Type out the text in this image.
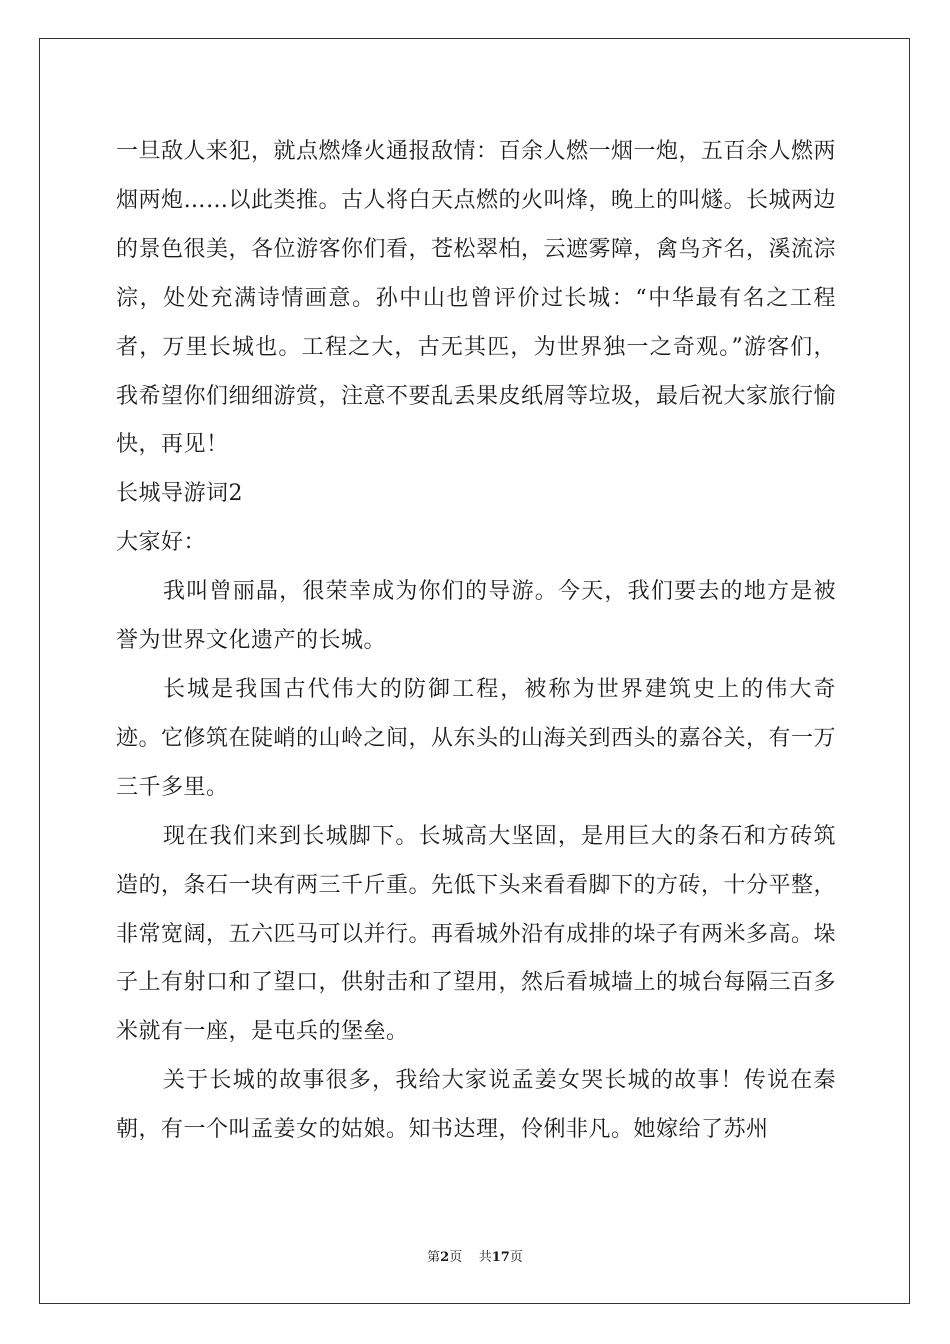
一旦敌人来犯，就点燃烽火通报敌情：百余人燃一烟一炮，五百余人燃两烟两炮……以此类推。古人将白天点燃的火叫烽，晚上的叫燧。长城两边的景色很美，各位游客你们看，苍松翠柏，云遮雾障，禽鸟齐名，溪流淙淙，处处充满诗情画意。孙中山也曾评价过长城：“中华最有名之工程者，万里长城也。工程之大，古无其匹，为世界独一之奇观。”游客们，我希望你们细细游赏，注意不要乱丢果皮纸屑等垃圾，最后祝大家旅行愉快，再见！

长城导游词2

大家好：

我叫曾丽晶，很荣幸成为你们的导游。今天，我们要去的地方是被誉为世界文化遗产的长城。

长城是我国古代伟大的防御工程，被称为世界建筑史上的伟大奇迹。它修筑在陡峭的山岭之间，从东头的山海关到西头的嘉谷关，有一万三千多里。

现在我们来到长城脚下。长城高大坚固，是用巨大的条石和方砖筑造的，条石一块有两三千斤重。先低下头来看看脚下的方砖，十分平整，非常宽阔，五六匹马可以并行。再看城外沿有成排的垛子有两米多高。垛子上有射口和了望口，供射击和了望用，然后看城墙上的城台每隔三百多米就有一座，是屯兵的堡垒。

关于长城的故事很多，我给大家说孟姜女哭长城的故事！传说在秦朝，有一个叫孟姜女的姑娘。知书达理，伶俐非凡。她嫁给了苏州

第2页 共17页
